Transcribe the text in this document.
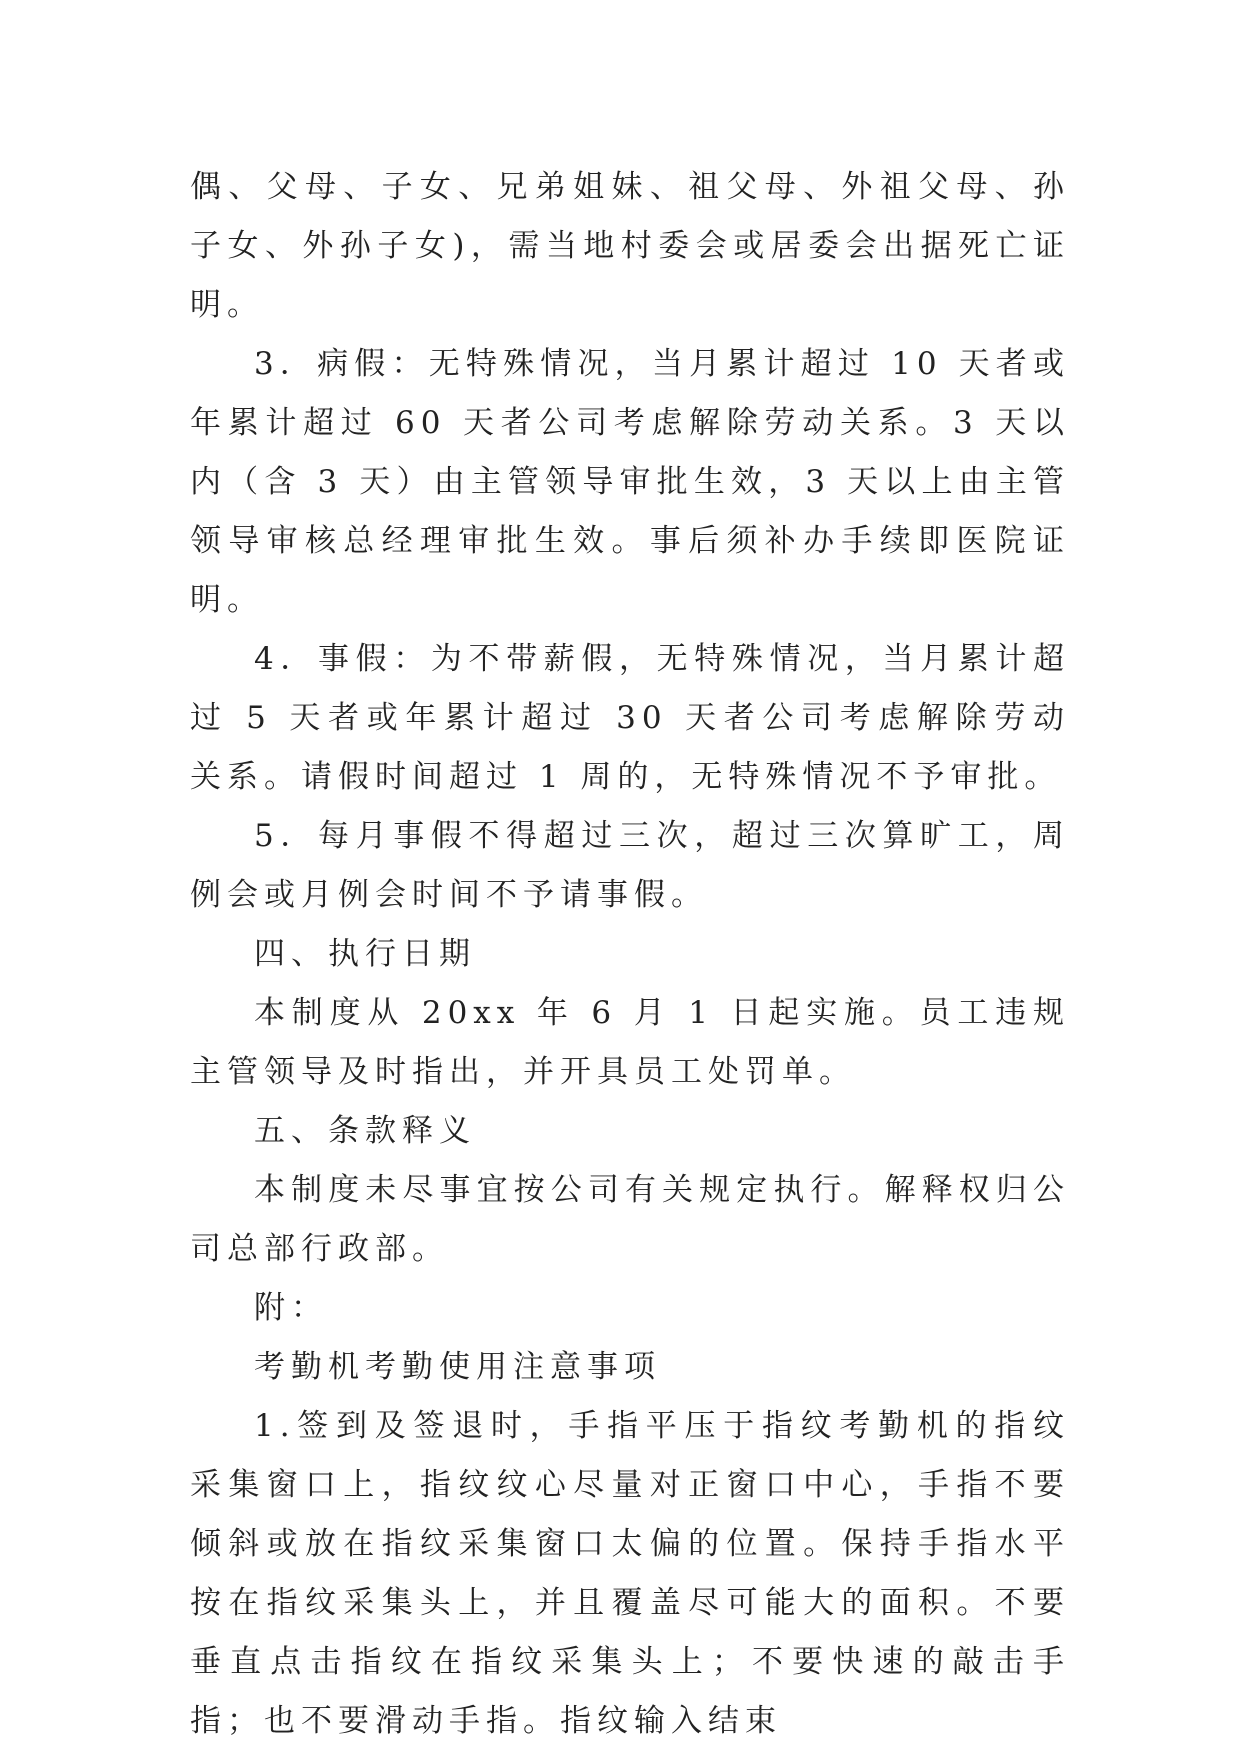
偶、父母、子女、兄弟姐妹、祖父母、外祖父母、孙子女、外孙子女)，需当地村委会或居委会出据死亡证明。

3．病假：无特殊情况，当月累计超过 10 天者或年累计超过 60 天者公司考虑解除劳动关系。3 天以内（含 3 天）由主管领导审批生效，3 天以上由主管领导审核总经理审批生效。事后须补办手续即医院证明。

4．事假：为不带薪假，无特殊情况，当月累计超过 5 天者或年累计超过 30 天者公司考虑解除劳动关系。请假时间超过 1 周的，无特殊情况不予审批。

5．每月事假不得超过三次，超过三次算旷工，周例会或月例会时间不予请事假。

四、执行日期

本制度从 20xx 年 6 月 1 日起实施。员工违规主管领导及时指出，并开具员工处罚单。

五、条款释义

本制度未尽事宜按公司有关规定执行。解释权归公司总部行政部。

附：

考勤机考勤使用注意事项

1.签到及签退时，手指平压于指纹考勤机的指纹采集窗口上，指纹纹心尽量对正窗口中心，手指不要倾斜或放在指纹采集窗口太偏的位置。保持手指水平按在指纹采集头上，并且覆盖尽可能大的面积。不要垂直点击指纹在指纹采集头上；不要快速的敲击手指；也不要滑动手指。指纹输入结束
